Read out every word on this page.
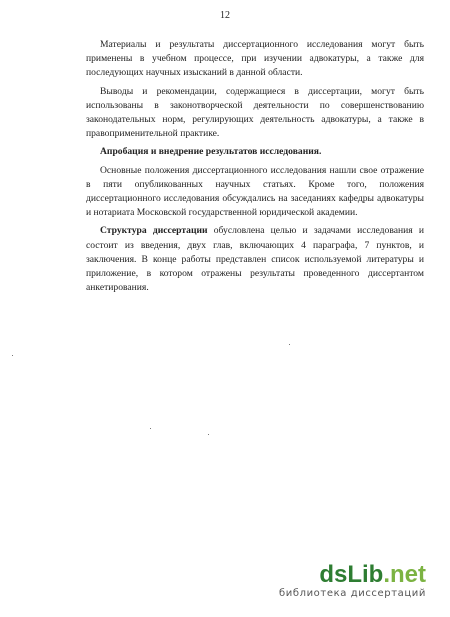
12

Материалы и результаты диссертационного исследования могут быть применены в учебном процессе, при изучении адвокатуры, а также для последующих научных изысканий в данной области.

Выводы и рекомендации, содержащиеся в диссертации, могут быть использованы в законотворческой деятельности по совершенствованию законодательных норм, регулирующих деятельность адвокатуры, а также в правоприменительной практике.

Апробация и внедрение результатов исследования.

Основные положения диссертационного исследования нашли свое отражение в пяти опубликованных научных статьях. Кроме того, положения диссертационного исследования обсуждались на заседаниях кафедры адвокатуры и нотариата Московской государственной юридической академии.

Структура диссертации обусловлена целью и задачами исследования и состоит из введения, двух глав, включающих 4 параграфа, 7 пунктов, и заключения. В конце работы представлен список используемой литературы и приложение, в котором отражены результаты проведенного диссертантом анкетирования.

dsLib.net
библиотека диссертаций
